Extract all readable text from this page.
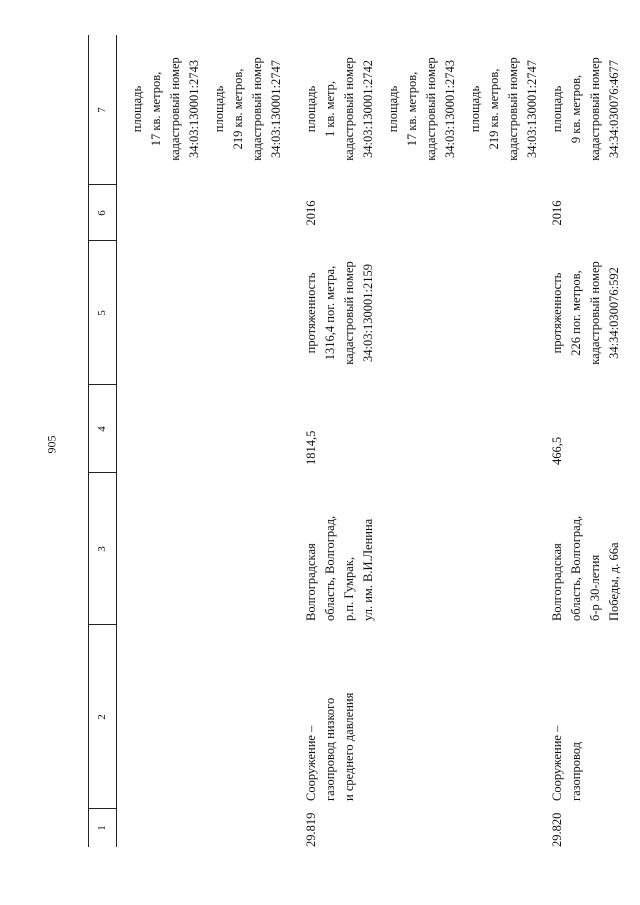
905
1
2
3
4
5
6
7	площадь
17 кв. метров,
кадастровый номер
34:03:130001:2743 площадь
219 кв. метров,
кадастровый номер
34:03:130001:2747
29.819
Сооружение –
газопровод низкого
и среднего давления
Волгоградская
область, Волгоград,
р.п. Гумрак,
ул. им. В.И.Ленина
1814,5
протяженность
1316,4 пог. метра,
кадастровый номер
34:03:130001:2159
2016
площадь
1 кв. метр,
кадастровый номер
34:03:130001:2742 площадь
17 кв. метров,
кадастровый номер
34:03:130001:2743 площадь
219 кв. метров,
кадастровый номер
34:03:130001:2747
29.820
Сооружение –
газопровод
Волгоградская
область, Волгоград,
б-р 30-летия
Победы, д. 66а
466,5
протяженность
226 пог. метров,
кадастровый номер
34:34:030076:592
2016
площадь
9 кв. метров,
кадастровый номер
34:34:030076:4677
